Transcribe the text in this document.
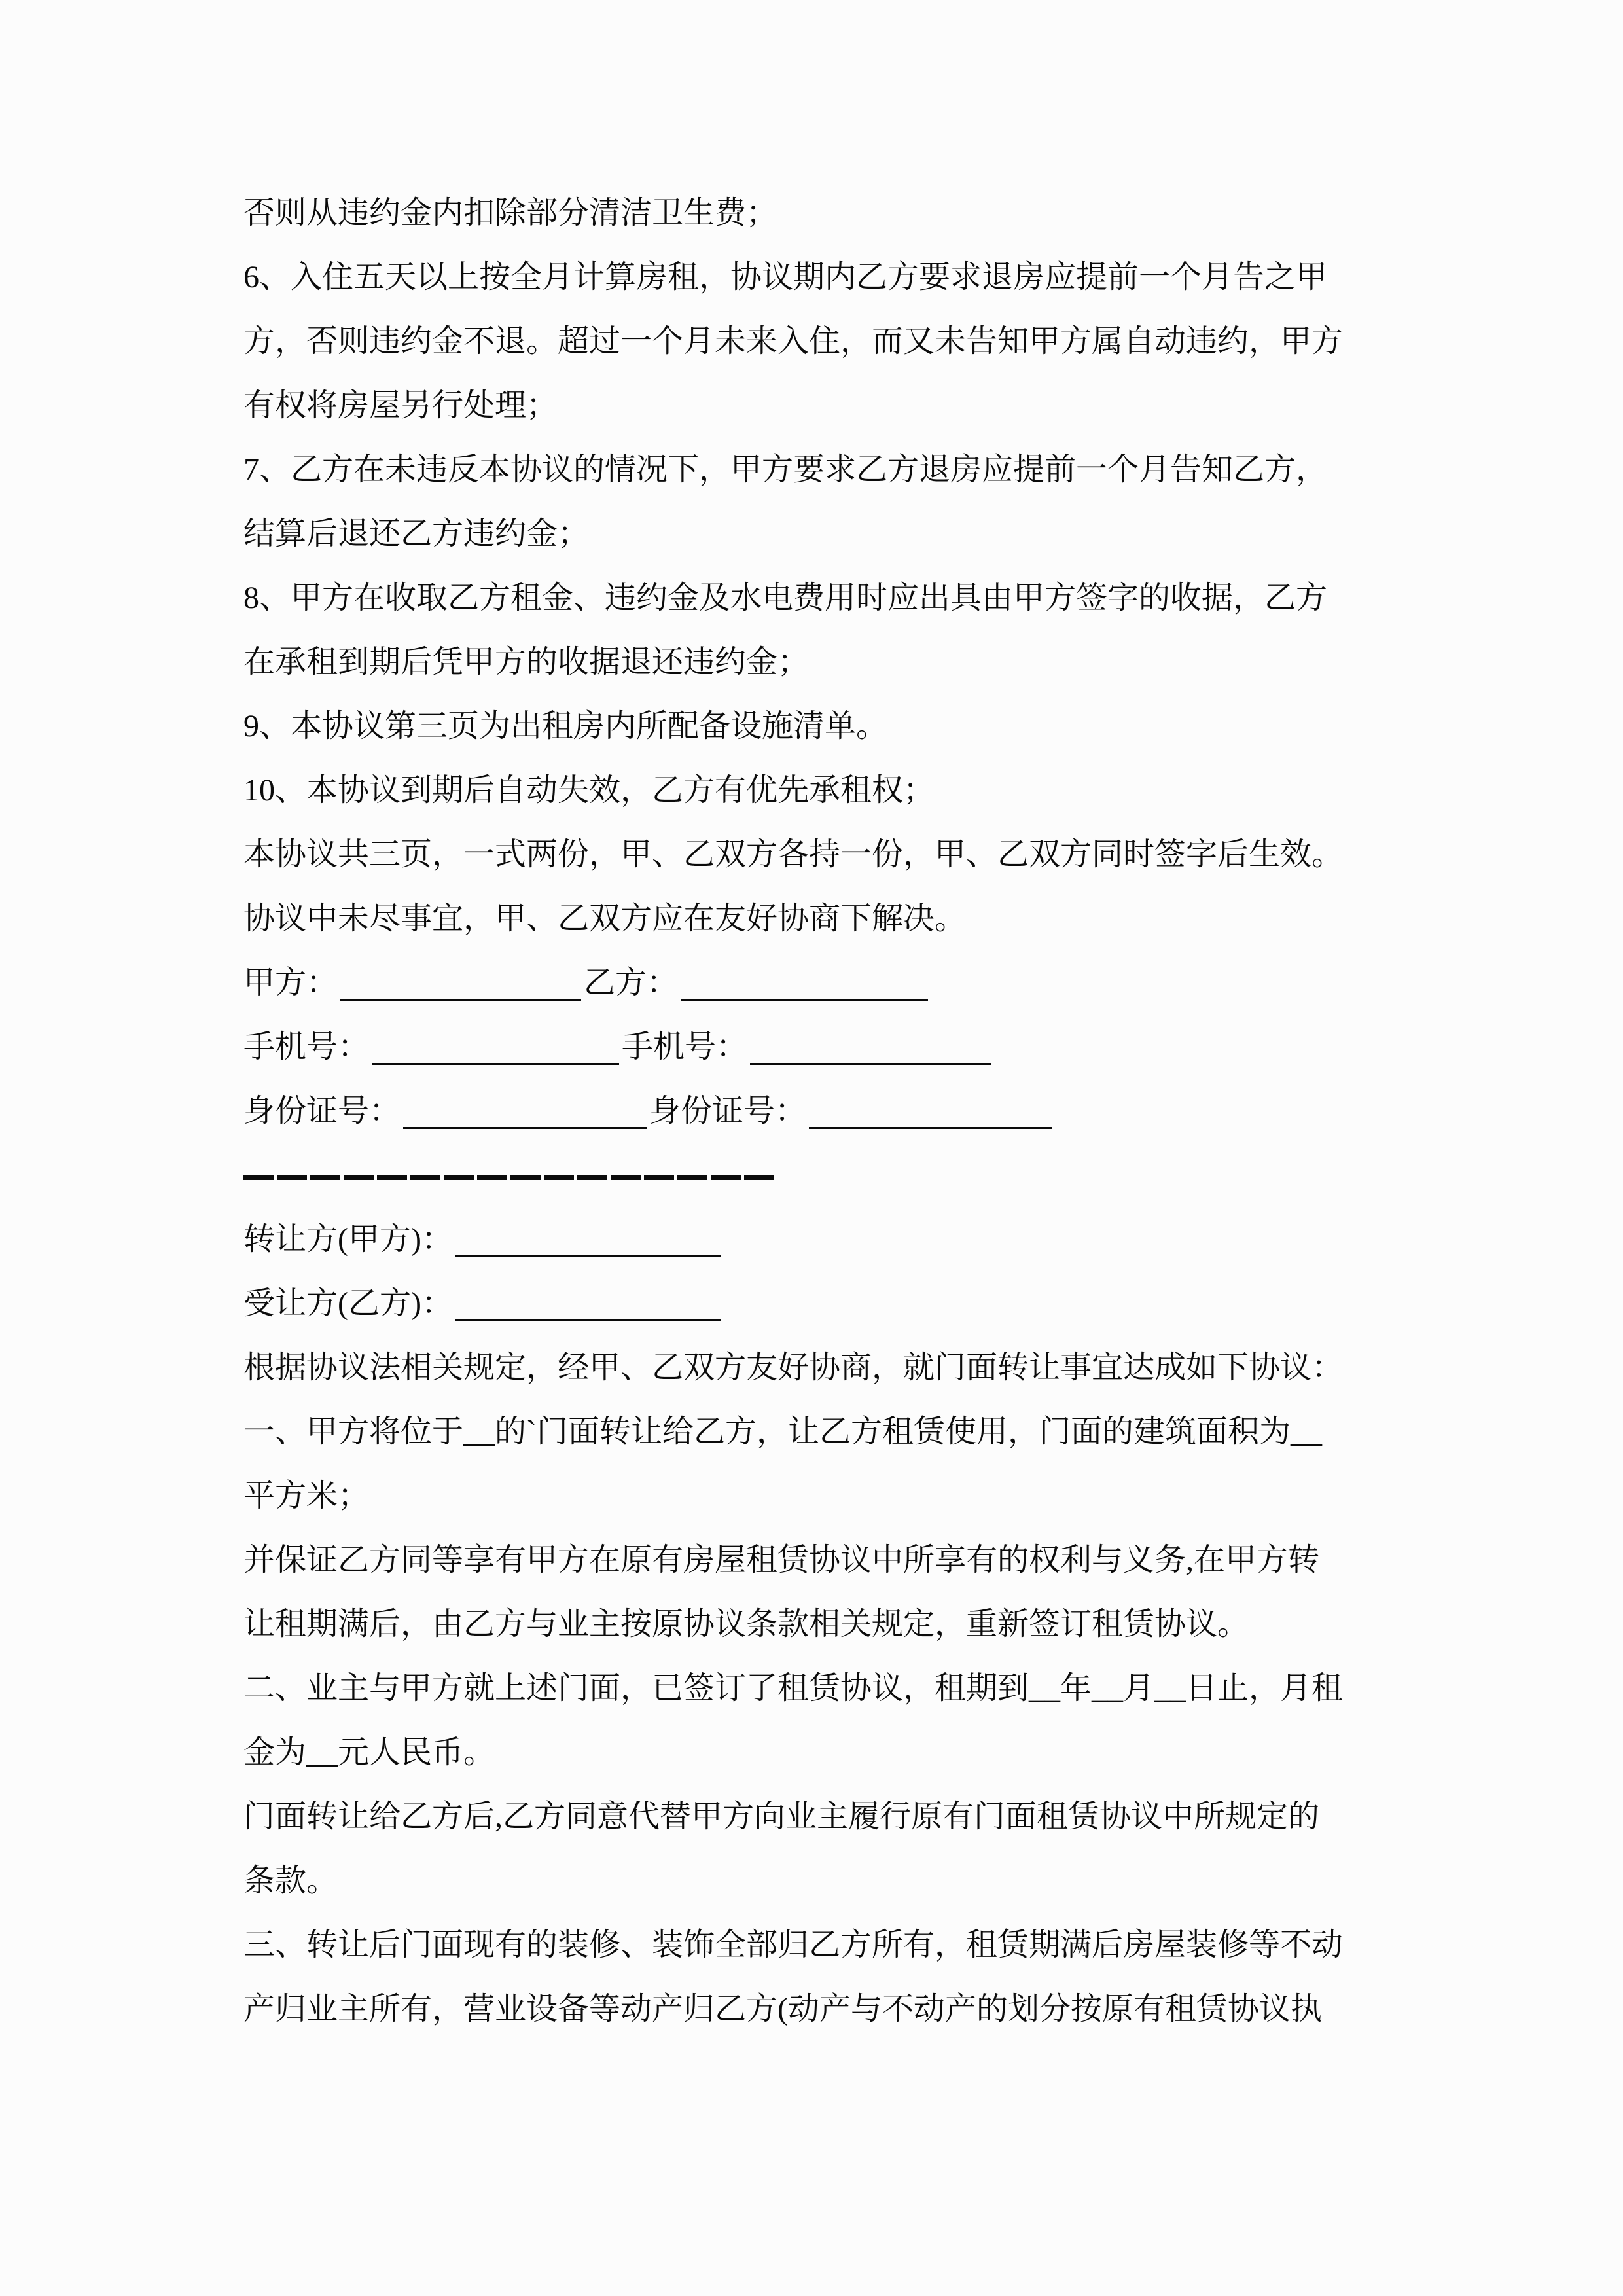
否则从违约金内扣除部分清洁卫生费；
6、入住五天以上按全月计算房租，协议期内乙方要求退房应提前一个月告之甲
方，否则违约金不退。超过一个月未来入住，而又未告知甲方属自动违约，甲方
有权将房屋另行处理；
7、乙方在未违反本协议的情况下，甲方要求乙方退房应提前一个月告知乙方，
结算后退还乙方违约金；
8、甲方在收取乙方租金、违约金及水电费用时应出具由甲方签字的收据，乙方
在承租到期后凭甲方的收据退还违约金；
9、本协议第三页为出租房内所配备设施清单。
10、本协议到期后自动失效，乙方有优先承租权；
本协议共三页，一式两份，甲、乙双方各持一份，甲、乙双方同时签字后生效。
协议中未尽事宜，甲、乙双方应在友好协商下解决。
甲方：	乙方：
手机号：	手机号：
身份证号：	身份证号：
转让方(甲方)：
受让方(乙方)：
根据协议法相关规定，经甲、乙双方友好协商，就门面转让事宜达成如下协议：
一、甲方将位于__的`门面转让给乙方，让乙方租赁使用，门面的建筑面积为__
平方米；
并保证乙方同等享有甲方在原有房屋租赁协议中所享有的权利与义务,在甲方转
让租期满后，由乙方与业主按原协议条款相关规定，重新签订租赁协议。
二、业主与甲方就上述门面，已签订了租赁协议，租期到__年__月__日止，月租
金为__元人民币。
门面转让给乙方后,乙方同意代替甲方向业主履行原有门面租赁协议中所规定的
条款。
三、转让后门面现有的装修、装饰全部归乙方所有，租赁期满后房屋装修等不动
产归业主所有，营业设备等动产归乙方(动产与不动产的划分按原有租赁协议执
